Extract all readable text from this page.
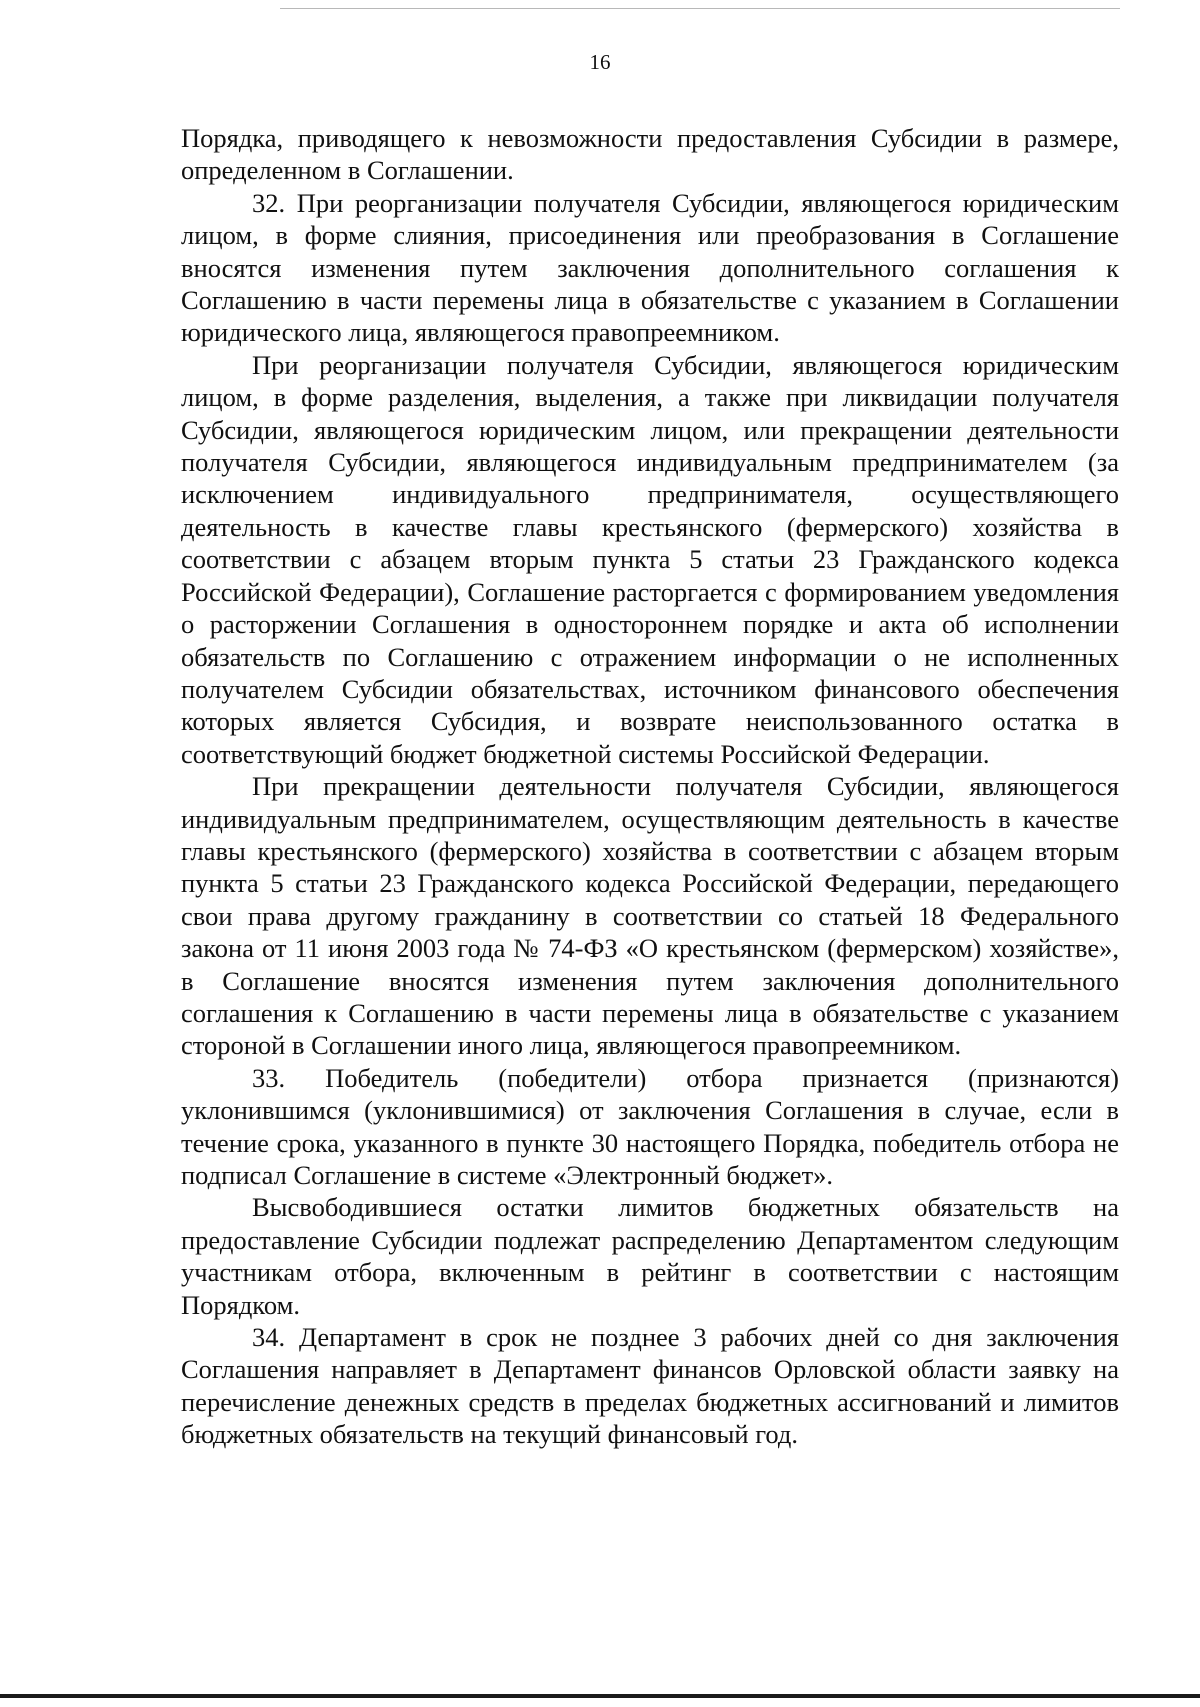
16

Порядка, приводящего к невозможности предоставления Субсидии в размере, определенном в Соглашении.

32. При реорганизации получателя Субсидии, являющегося юридическим лицом, в форме слияния, присоединения или преобразования в Соглашение вносятся изменения путем заключения дополнительного соглашения к Соглашению в части перемены лица в обязательстве с указанием в Соглашении юридического лица, являющегося правопреемником.

При реорганизации получателя Субсидии, являющегося юридическим лицом, в форме разделения, выделения, а также при ликвидации получателя Субсидии, являющегося юридическим лицом, или прекращении деятельности получателя Субсидии, являющегося индивидуальным предпринимателем (за исключением индивидуального предпринимателя, осуществляющего деятельность в качестве главы крестьянского (фермерского) хозяйства в соответствии с абзацем вторым пункта 5 статьи 23 Гражданского кодекса Российской Федерации), Соглашение расторгается с формированием уведомления о расторжении Соглашения в одностороннем порядке и акта об исполнении обязательств по Соглашению с отражением информации о не исполненных получателем Субсидии обязательствах, источником финансового обеспечения которых является Субсидия, и возврате неиспользованного остатка в соответствующий бюджет бюджетной системы Российской Федерации.

При прекращении деятельности получателя Субсидии, являющегося индивидуальным предпринимателем, осуществляющим деятельность в качестве главы крестьянского (фермерского) хозяйства в соответствии с абзацем вторым пункта 5 статьи 23 Гражданского кодекса Российской Федерации, передающего свои права другому гражданину в соответствии со статьей 18 Федерального закона от 11 июня 2003 года № 74-ФЗ «О крестьянском (фермерском) хозяйстве», в Соглашение вносятся изменения путем заключения дополнительного соглашения к Соглашению в части перемены лица в обязательстве с указанием стороной в Соглашении иного лица, являющегося правопреемником.

33. Победитель (победители) отбора признается (признаются) уклонившимся (уклонившимися) от заключения Соглашения в случае, если в течение срока, указанного в пункте 30 настоящего Порядка, победитель отбора не подписал Соглашение в системе «Электронный бюджет».

Высвободившиеся остатки лимитов бюджетных обязательств на предоставление Субсидии подлежат распределению Департаментом следующим участникам отбора, включенным в рейтинг в соответствии с настоящим Порядком.

34. Департамент в срок не позднее 3 рабочих дней со дня заключения Соглашения направляет в Департамент финансов Орловской области заявку на перечисление денежных средств в пределах бюджетных ассигнований и лимитов бюджетных обязательств на текущий финансовый год.
